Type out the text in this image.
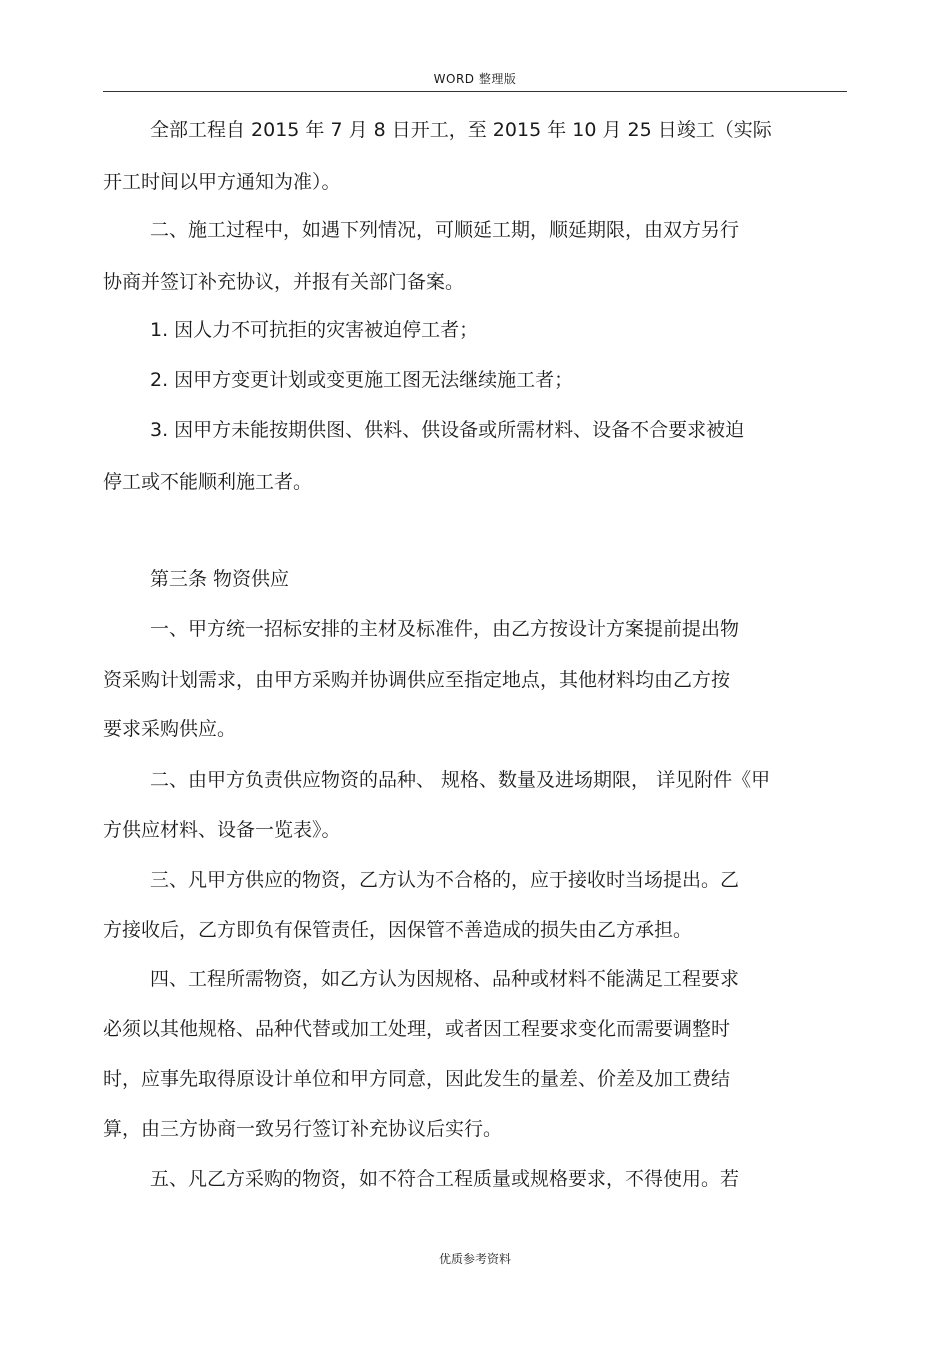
WORD 整理版
全部工程自 2015 年 7 月 8 日开工，至 2015 年 10 月 25 日竣工（实际
开工时间以甲方通知为准）。
二、施工过程中，如遇下列情况，可顺延工期，顺延期限，由双方另行
协商并签订补充协议，并报有关部门备案。
1. 因人力不可抗拒的灾害被迫停工者；
2. 因甲方变更计划或变更施工图无法继续施工者；
3. 因甲方未能按期供图、供料、供设备或所需材料、设备不合要求被迫
停工或不能顺利施工者。
第三条 物资供应
一、甲方统一招标安排的主材及标准件，由乙方按设计方案提前提出物
资采购计划需求，由甲方采购并协调供应至指定地点，其他材料均由乙方按
要求采购供应。
二、由甲方负责供应物资的品种、 规格、数量及进场期限， 详见附件《甲
方供应材料、设备一览表》。
三、凡甲方供应的物资，乙方认为不合格的，应于接收时当场提出。乙
方接收后，乙方即负有保管责任，因保管不善造成的损失由乙方承担。
四、工程所需物资，如乙方认为因规格、品种或材料不能满足工程要求
必须以其他规格、品种代替或加工处理，或者因工程要求变化而需要调整时
时，应事先取得原设计单位和甲方同意，因此发生的量差、价差及加工费结
算，由三方协商一致另行签订补充协议后实行。
五、凡乙方采购的物资，如不符合工程质量或规格要求，不得使用。若
优质参考资料
